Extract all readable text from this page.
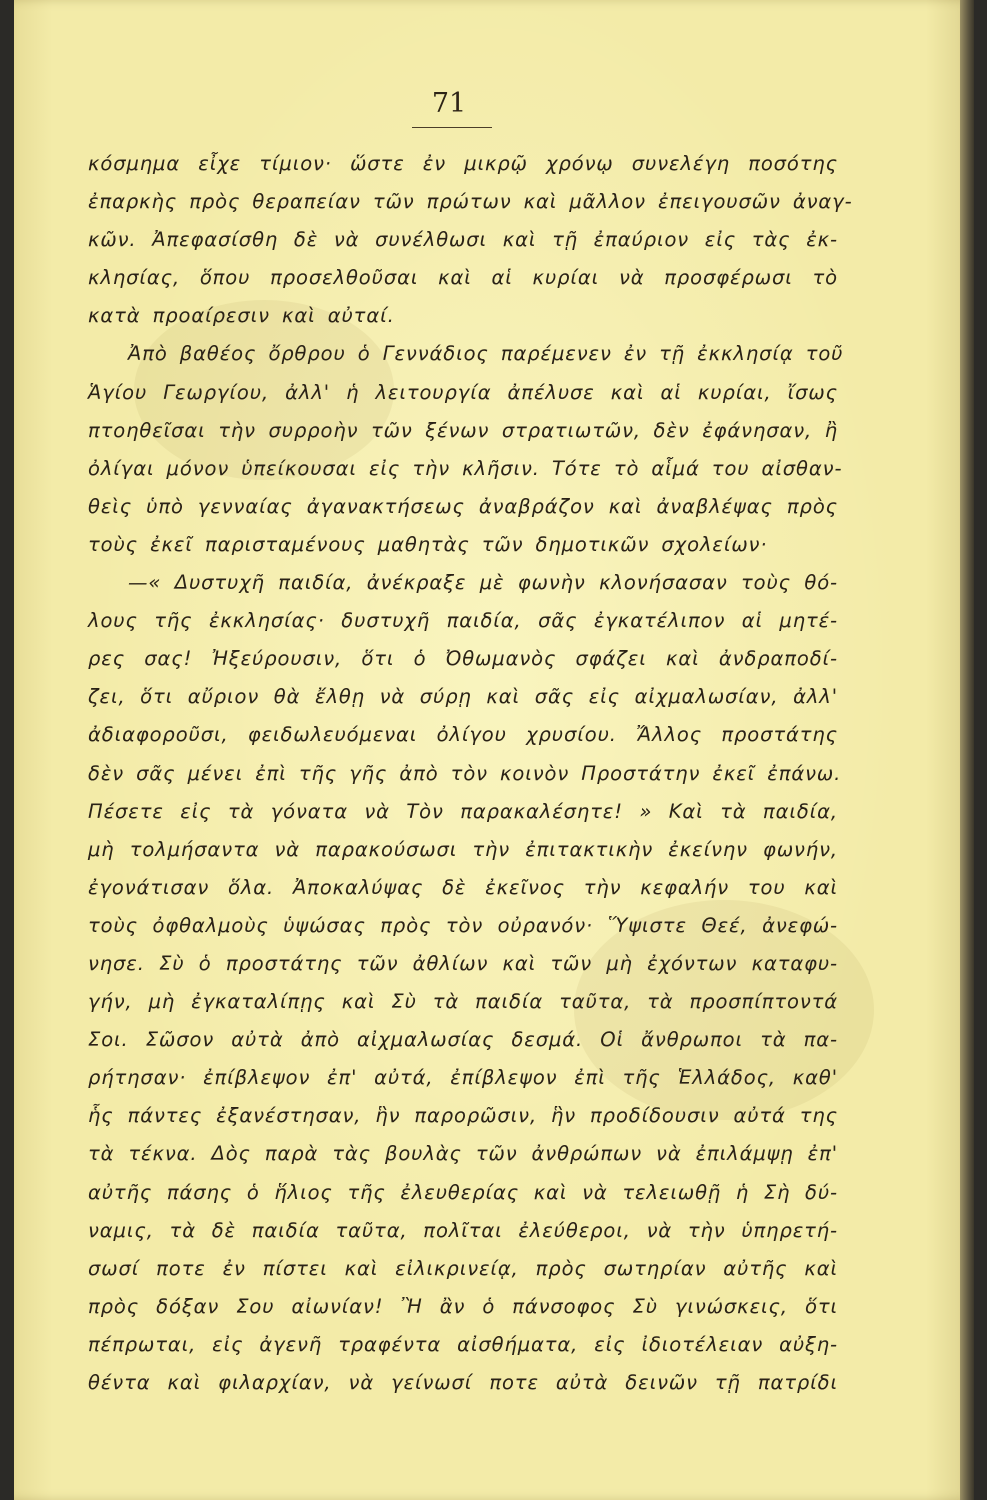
71
κόσμημα εἶχε τίμιον· ὥστε ἐν μικρῷ χρόνῳ συνελέγη ποσότης
ἐπαρκὴς πρὸς θεραπείαν τῶν πρώτων καὶ μᾶλλον ἐπειγουσῶν ἀναγ-
κῶν. Ἀπεφασίσθη δὲ νὰ συνέλθωσι καὶ τῇ ἐπαύριον εἰς τὰς ἐκ-
κλησίας, ὅπου προσελθοῦσαι καὶ αἱ κυρίαι νὰ προσφέρωσι τὸ
κατὰ προαίρεσιν καὶ αὐταί.
Ἀπὸ βαθέος ὄρθρου ὁ Γεννάδιος παρέμενεν ἐν τῇ ἐκκλησίᾳ τοῦ
Ἁγίου Γεωργίου, ἀλλ' ἡ λειτουργία ἀπέλυσε καὶ αἱ κυρίαι, ἴσως
πτοηθεῖσαι τὴν συρροὴν τῶν ξένων στρατιωτῶν, δὲν ἐφάνησαν, ἢ
ὀλίγαι μόνον ὑπείκουσαι εἰς τὴν κλῆσιν. Τότε τὸ αἷμά του αἰσθαν-
θεὶς ὑπὸ γενναίας ἀγανακτήσεως ἀναβράζον καὶ ἀναβλέψας πρὸς
τοὺς ἐκεῖ παρισταμένους μαθητὰς τῶν δημοτικῶν σχολείων·
—« Δυστυχῆ παιδία, ἀνέκραξε μὲ φωνὴν κλονήσασαν τοὺς θό-
λους τῆς ἐκκλησίας· δυστυχῆ παιδία, σᾶς ἐγκατέλιπον αἱ μητέ-
ρες σας! Ἠξεύρουσιν, ὅτι ὁ Ὀθωμανὸς σφάζει καὶ ἀνδραποδί-
ζει, ὅτι αὔριον θὰ ἔλθῃ νὰ σύρῃ καὶ σᾶς εἰς αἰχμαλωσίαν, ἀλλ'
ἀδιαφοροῦσι, φειδωλευόμεναι ὀλίγου χρυσίου. Ἄλλος προστάτης
δὲν σᾶς μένει ἐπὶ τῆς γῆς ἀπὸ τὸν κοινὸν Προστάτην ἐκεῖ ἐπάνω.
Πέσετε εἰς τὰ γόνατα νὰ Τὸν παρακαλέσητε! » Καὶ τὰ παιδία,
μὴ τολμήσαντα νὰ παρακούσωσι τὴν ἐπιτακτικὴν ἐκείνην φωνήν,
ἐγονάτισαν ὅλα. Ἀποκαλύψας δὲ ἐκεῖνος τὴν κεφαλήν του καὶ
τοὺς ὀφθαλμοὺς ὑψώσας πρὸς τὸν οὐρανόν· Ὕψιστε Θεέ, ἀνεφώ-
νησε. Σὺ ὁ προστάτης τῶν ἀθλίων καὶ τῶν μὴ ἐχόντων καταφυ-
γήν, μὴ ἐγκαταλίπῃς καὶ Σὺ τὰ παιδία ταῦτα, τὰ προσπίπτοντά
Σοι. Σῶσον αὐτὰ ἀπὸ αἰχμαλωσίας δεσμά. Οἱ ἄνθρωποι τὰ πα-
ρήτησαν· ἐπίβλεψον ἐπ' αὐτά, ἐπίβλεψον ἐπὶ τῆς Ἑλλάδος, καθ'
ἧς πάντες ἐξανέστησαν, ἣν παρορῶσιν, ἣν προδίδουσιν αὐτά της
τὰ τέκνα. Δὸς παρὰ τὰς βουλὰς τῶν ἀνθρώπων νὰ ἐπιλάμψῃ ἐπ'
αὐτῆς πάσης ὁ ἥλιος τῆς ἐλευθερίας καὶ νὰ τελειωθῇ ἡ Σὴ δύ-
ναμις, τὰ δὲ παιδία ταῦτα, πολῖται ἐλεύθεροι, νὰ τὴν ὑπηρετή-
σωσί ποτε ἐν πίστει καὶ εἰλικρινείᾳ, πρὸς σωτηρίαν αὐτῆς καὶ
πρὸς δόξαν Σου αἰωνίαν! Ἢ ἂν ὁ πάνσοφος Σὺ γινώσκεις, ὅτι
πέπρωται, εἰς ἀγενῆ τραφέντα αἰσθήματα, εἰς ἰδιοτέλειαν αὐξη-
θέντα καὶ φιλαρχίαν, νὰ γείνωσί ποτε αὐτὰ δεινῶν τῇ πατρίδι
